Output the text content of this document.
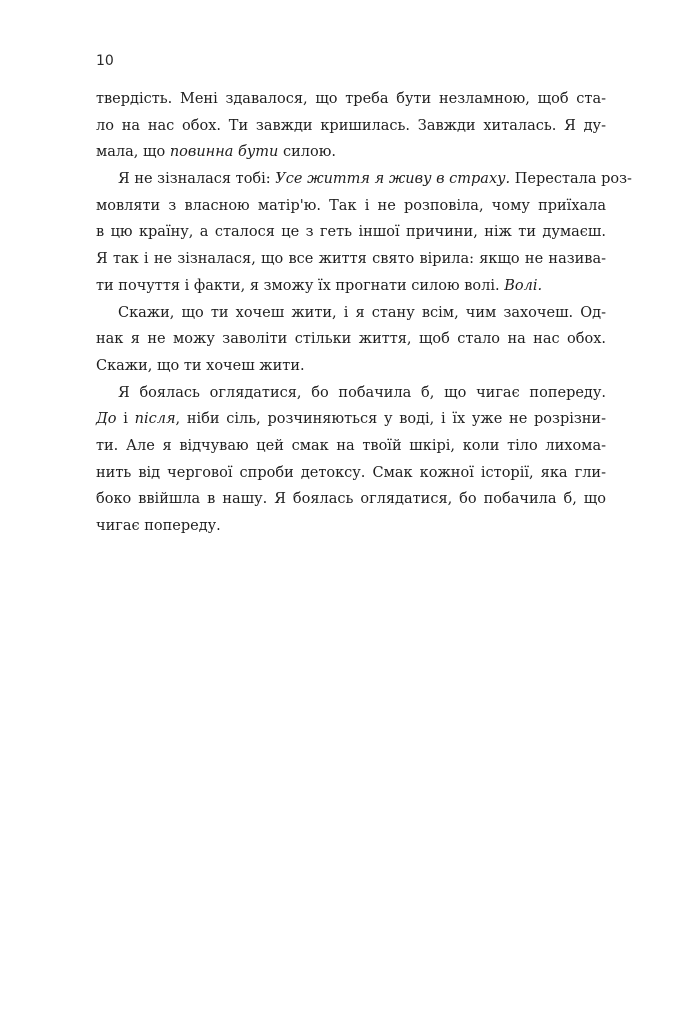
10
твердість. Мені здавалося, що треба бути незламною, щоб ста-
ло на нас обох. Ти завжди кришилась. Завжди хиталась. Я ду-
мала, що повинна бути силою.
Я не зізналася тобі: Усе життя я живу в страху. Перестала роз-
мовляти з власною матір'ю. Так і не розповіла, чому приїхала
в цю країну, а сталося це з геть іншої причини, ніж ти думаєш.
Я так і не зізналася, що все життя свято вірила: якщо не назива-
ти почуття і факти, я зможу їх прогнати силою волі. Волі.
Скажи, що ти хочеш жити, і я стану всім, чим захочеш. Од-
нак я не можу заволіти стільки життя, щоб стало на нас обох.
Скажи, що ти хочеш жити.
Я боялась оглядатися, бо побачила б, що чигає попереду.
До і після, ніби сіль, розчиняються у воді, і їх уже не розрізни-
ти. Але я відчуваю цей смак на твоїй шкірі, коли тіло лихома-
нить від чергової спроби детоксу. Смак кожної історії, яка гли-
боко ввійшла в нашу. Я боялась оглядатися, бо побачила б, що
чигає попереду.
